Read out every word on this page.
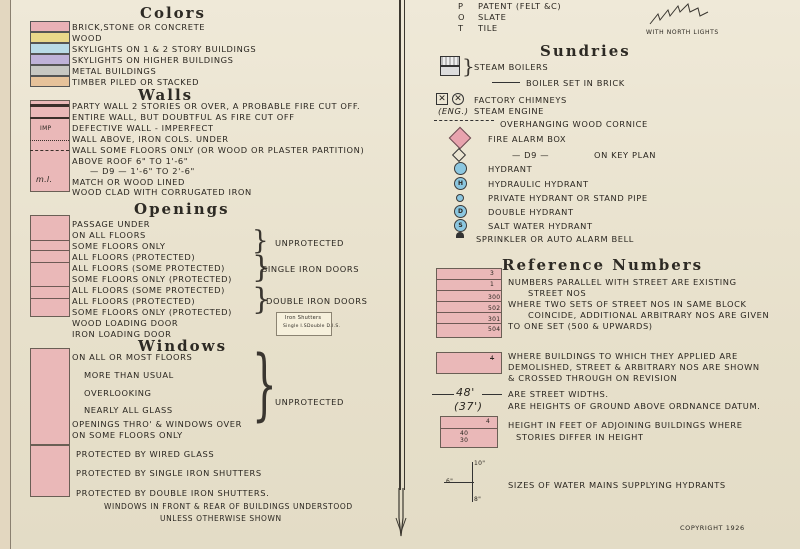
Colors
BRICK,STONE OR CONCRETE
WOOD
SKYLIGHTS ON 1 & 2 STORY BUILDINGS
SKYLIGHTS ON HIGHER BUILDINGS
METAL BUILDINGS
TIMBER PILED OR STACKED
Walls
IMP
m.l.
PARTY WALL 2 STORIES OR OVER, A PROBABLE FIRE CUT OFF.
ENTIRE WALL, BUT DOUBTFUL AS FIRE CUT OFF
DEFECTIVE WALL - IMPERFECT
WALL ABOVE, IRON COLS. UNDER
WALL SOME FLOORS ONLY (OR WOOD OR PLASTER PARTITION)
ABOVE ROOF 6" TO 1'-6"
— D9 — 1'-6" TO 2'-6"
MATCH OR WOOD LINED
WOOD CLAD WITH CORRUGATED IRON
Openings
PASSAGE UNDER
ON ALL FLOORS
SOME FLOORS ONLY
ALL FLOORS (PROTECTED)
ALL FLOORS (SOME PROTECTED)
SOME FLOORS ONLY (PROTECTED)
ALL FLOORS (SOME PROTECTED)
ALL FLOORS (PROTECTED)
SOME FLOORS ONLY (PROTECTED)
WOOD LOADING DOOR
IRON LOADING DOOR
} UNPROTECTED
}
SINGLE IRON DOORS
}
DOUBLE IRON DOORS
Iron Shutters
Single I.S.
Double D.I.S.
Windows
ON ALL OR MOST FLOORS
MORE THAN USUAL
OVERLOOKING
NEARLY ALL GLASS
OPENINGS THRO' & WINDOWS OVER
ON SOME FLOORS ONLY
PROTECTED BY WIRED GLASS
PROTECTED BY SINGLE IRON SHUTTERS
PROTECTED BY DOUBLE IRON SHUTTERS.
}
UNPROTECTED
WINDOWS IN FRONT & REAR OF BUILDINGS UNDERSTOOD
UNLESS OTHERWISE SHOWN
P PATENT (FELT &C)
O SLATE
T TILE	WITH NORTH LIGHTS
Sundries
} STEAM BOILERS
BOILER SET IN BRICK
✕ ✕ FACTORY CHIMNEYS
(ENG.) STEAM ENGINE
OVERHANGING WOOD CORNICE
FIRE ALARM BOX
— D9 —	ON KEY PLAN
HYDRANT
H	HYDRAULIC HYDRANT
PRIVATE HYDRANT OR STAND PIPE
D	DOUBLE HYDRANT
S	SALT WATER HYDRANT
SPRINKLER OR AUTO ALARM BELL
Reference Numbers
3
1
300
502
301
504
NUMBERS PARALLEL WITH STREET ARE EXISTING
STREET NOS
WHERE TWO SETS OF STREET NOS IN SAME BLOCK
COINCIDE, ADDITIONAL ARBITRARY NOS ARE GIVEN
TO ONE SET (500 & UPWARDS)
4 WHERE BUILDINGS TO WHICH THEY APPLIED ARE
DEMOLISHED, STREET & ARBITRARY NOS ARE SHOWN
& CROSSED THROUGH ON REVISION
48'	ARE STREET WIDTHS.
(37')	ARE HEIGHTS OF GROUND ABOVE ORDNANCE DATUM.
40
30
4 HEIGHT IN FEET OF ADJOINING BUILDINGS WHERE
STORIES DIFFER IN HEIGHT
10"
6"
8"
SIZES OF WATER MAINS SUPPLYING HYDRANTS
COPYRIGHT 1926
